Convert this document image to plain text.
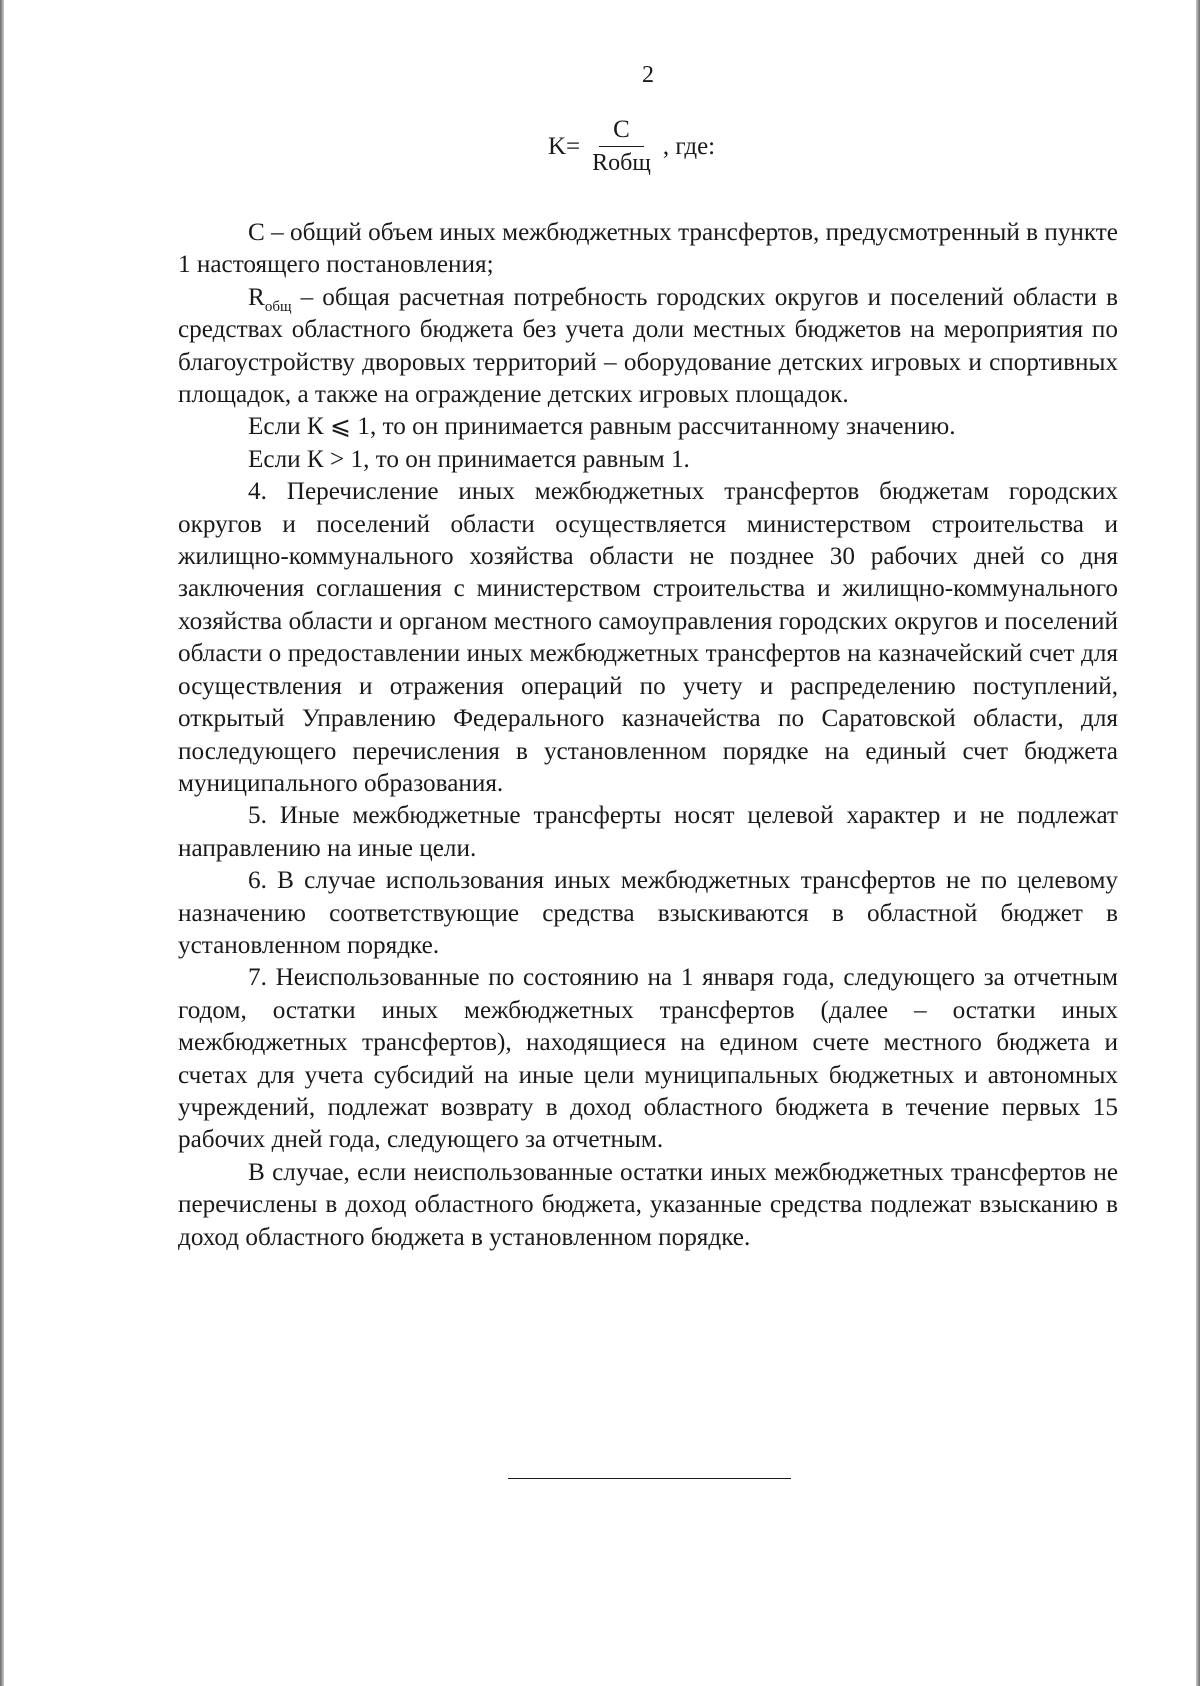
2
$K= \frac{C}{\text{Rобщ}}$ , где:

С – общий объем иных межбюджетных трансфертов, предусмотренный в пункте 1 настоящего постановления;

$R_{общ}$ – общая расчетная потребность городских округов и поселений области в средствах областного бюджета без учета доли местных бюджетов на мероприятия по благоустройству дворовых территорий – оборудование детских игровых и спортивных площадок, а также на ограждение детских игровых площадок.

Если К ⩽ 1, то он принимается равным рассчитанному значению.

Если К > 1, то он принимается равным 1.

4. Перечисление иных межбюджетных трансфертов бюджетам городских округов и поселений области осуществляется министерством строительства и жилищно-коммунального хозяйства области не позднее 30 рабочих дней со дня заключения соглашения с министерством строительства и жилищно-коммунального хозяйства области и органом местного самоуправления городских округов и поселений области о предоставлении иных межбюджетных трансфертов на казначейский счет для осуществления и отражения операций по учету и распределению поступлений, открытый Управлению Федерального казначейства по Саратовской области, для последующего перечисления в установленном порядке на единый счет бюджета муниципального образования.

5. Иные межбюджетные трансферты носят целевой характер и не подлежат направлению на иные цели.

6. В случае использования иных межбюджетных трансфертов не по целевому назначению соответствующие средства взыскиваются в областной бюджет в установленном порядке.

7. Неиспользованные по состоянию на 1 января года, следующего за отчетным годом, остатки иных межбюджетных трансфертов (далее – остатки иных межбюджетных трансфертов), находящиеся на едином счете местного бюджета и счетах для учета субсидий на иные цели муниципальных бюджетных и автономных учреждений, подлежат возврату в доход областного бюджета в течение первых 15 рабочих дней года, следующего за отчетным.

В случае, если неиспользованные остатки иных межбюджетных трансфертов не перечислены в доход областного бюджета, указанные средства подлежат взысканию в доход областного бюджета в установленном порядке.
